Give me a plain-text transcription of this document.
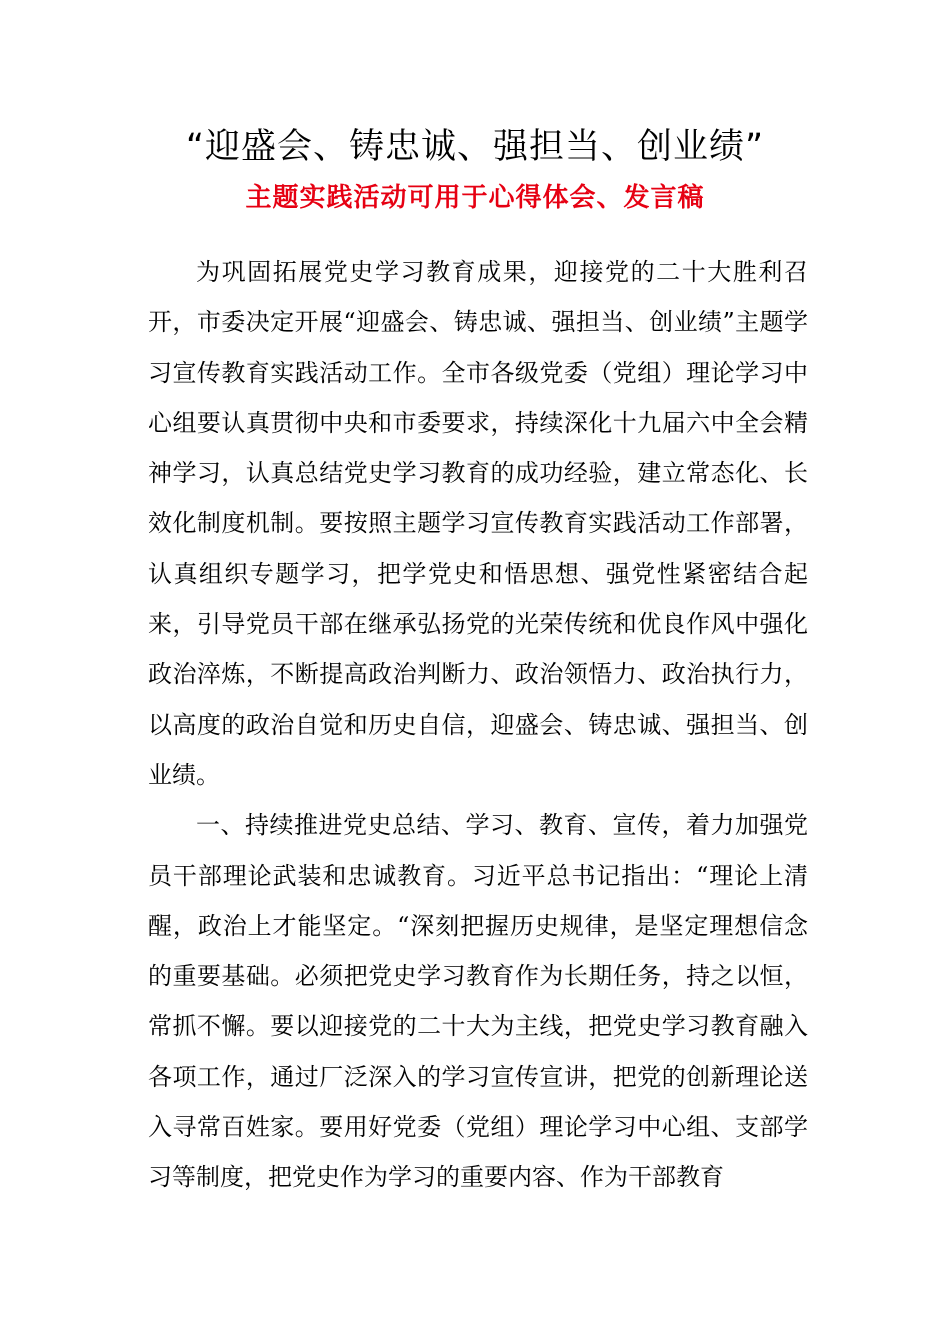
“迎盛会、铸忠诚、强担当、创业绩”
主题实践活动可用于心得体会、发言稿

为巩固拓展党史学习教育成果，迎接党的二十大胜利召开，市委决定开展“迎盛会、铸忠诚、强担当、创业绩”主题学习宣传教育实践活动工作。全市各级党委（党组）理论学习中心组要认真贯彻中央和市委要求，持续深化十九届六中全会精神学习，认真总结党史学习教育的成功经验，建立常态化、长效化制度机制。要按照主题学习宣传教育实践活动工作部署，认真组织专题学习，把学党史和悟思想、强党性紧密结合起来，引导党员干部在继承弘扬党的光荣传统和优良作风中强化政治淬炼，不断提高政治判断力、政治领悟力、政治执行力，以高度的政治自觉和历史自信，迎盛会、铸忠诚、强担当、创业绩。

一、持续推进党史总结、学习、教育、宣传，着力加强党员干部理论武装和忠诚教育。习近平总书记指出：“理论上清醒，政治上才能坚定。“深刻把握历史规律，是坚定理想信念的重要基础。必须把党史学习教育作为长期任务，持之以恒，常抓不懈。要以迎接党的二十大为主线，把党史学习教育融入各项工作，通过厂泛深入的学习宣传宣讲，把党的创新理论送入寻常百姓家。要用好党委（党组）理论学习中心组、支部学习等制度，把党史作为学习的重要内容、作为干部教育
